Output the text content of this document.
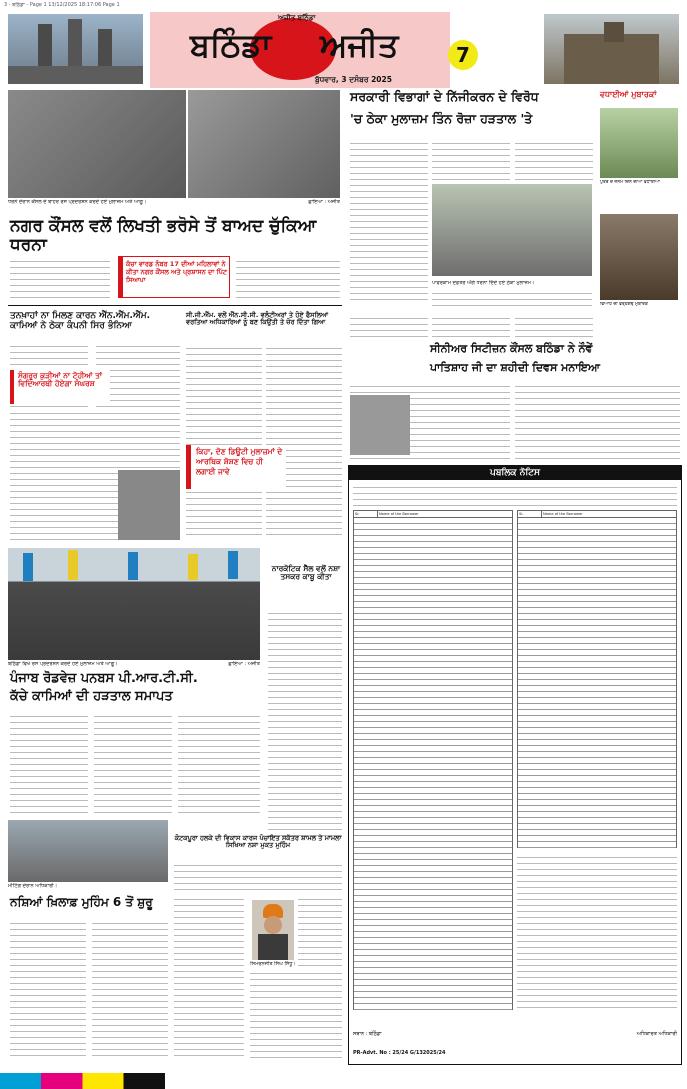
3 - ਬਠਿੰਡਾ - Page 1 13/12/2025 18:17:06 Page 1
ਅਜੀਤ ਬਠਿੰਡਾ
ਬਠਿੰਡਾ	ਅਜੀਤ
ਬੁੱਧਵਾਰ, 3 ਦਸੰਬਰ 2025
7
ਧਰਨੇ ਦੌਰਾਨ ਕੌਂਸਲ ਦੇ ਬਾਹਰ ਰੋਸ ਪ੍ਰਦਰਸ਼ਨ ਕਰਦੇ ਹੋਏ ਮੁਲਾਜ਼ਮ ਅਤੇ ਆਗੂ।	ਛਾਇਆ : ਅਜੀਤ
ਨਗਰ ਕੌਂਸਲ ਵਲੋਂ ਲਿਖਤੀ ਭਰੋਸੇ ਤੋਂ ਬਾਅਦ ਚੁੱਕਿਆ ਧਰਨਾ
ਕੱਚਾ ਵਾਰਡ ਨੰਬਰ 17 ਦੀਆਂ ਮਹਿਲਾਵਾਂ ਨੇ ਕੀਤਾ ਨਗਰ ਕੌਂਸਲ ਅਤੇ ਪ੍ਰਸ਼ਾਸਨ ਦਾ ਪਿੱਟ ਸਿਆਪਾ
ਤਨਖ਼ਾਹਾਂ ਨਾ ਮਿਲਣ ਕਾਰਨ ਐੱਨ.ਐੱਮ.ਐੱਮ. ਕਾਮਿਆਂ ਨੇ ਠੇਕਾ ਕੰਪਨੀ ਸਿਰ ਭੰਨਿਆ
ਸੰਗਰੂਰ ਕੁੜੀਆਂ ਨਾ ਟੋਹੀਆਂ ਤਾਂ ਵਿਦਿਆਰਥੀ ਹੋਏਗਾ ਸੰਘਰਸ਼
ਸੀ.ਜੀ.ਐੱਮ. ਵਲੋਂ ਐੱਨ.ਸੀ.ਸੀ. ਵਲੰਟੀਅਰਾਂ ਤੇ ਹੋਏ ਫੈਸਲਿਆਂ ਵਰਤਿਆ ਅਧਿਕਾਰਿਆਂ ਨੂੰ ਬਣ ਕਿਉਂਤੀ ਤੇ ਜ਼ੋਰ ਦਿੱਤਾ ਗਿਆ
ਕਿਹਾ, ਦੋਣ ਡਿਊਟੀ ਮੁਲਾਜ਼ਮਾਂ ਦੇ ਆਰਥਿਕ ਸ਼ੋਸ਼ਣ ਵਿਚ ਹੀ ਲਗਾਈ ਜਾਵੇ
ਬਠਿੰਡਾ ਵਿਖੇ ਰੋਸ ਪ੍ਰਦਰਸ਼ਨ ਕਰਦੇ ਹੋਏ ਮੁਲਾਜ਼ਮ ਅਤੇ ਆਗੂ।	ਛਾਇਆ : ਅਜੀਤ
ਪੰਜਾਬ ਰੋਡਵੇਜ਼ ਪਨਬਸ ਪੀ.ਆਰ.ਟੀ.ਸੀ.
ਕੱਚੇ ਕਾਮਿਆਂ ਦੀ ਹੜਤਾਲ ਸਮਾਪਤ
ਨਾਰਕੋਟਿਕ ਸੈੱਲ ਵਲੋਂ ਨਸ਼ਾ ਤਸਕਰ ਕਾਬੂ ਕੀਤਾ
ਮੀਟਿੰਗ ਦੌਰਾਨ ਅਧਿਕਾਰੀ।
ਕੋਟਕਪੂਰਾ ਹਲਕੇ ਦੀ ਵਿਕਾਸ ਕਾਰਜ ਪੰਚਾਇਤ ਸਕੱਤਰ ਸ਼ਾਮਲ ਤੇ ਮਾਮਲਾ ਸਿਖਿਆ ਨਸ਼ਾ ਮੁਕਤ ਮੁਹਿੰਮ
ਨਸ਼ਿਆਂ ਖ਼ਿਲਾਫ਼ ਮੁਹਿੰਮ 6 ਤੋਂ ਸ਼ੁਰੂ
ਸਿਮਰਨਜੀਤ ਸਿੰਘ ਸਿੱਧੂ।
ਸਰਕਾਰੀ ਵਿਭਾਗਾਂ ਦੇ ਨਿੱਜੀਕਰਨ ਦੇ ਵਿਰੋਧ
'ਚ ਠੇਕਾ ਮੁਲਾਜ਼ਮ ਤਿੰਨ ਰੋਜ਼ਾ ਹੜਤਾਲ 'ਤੇ
ਪਾਵਰਕਾਮ ਦਫ਼ਤਰ ਅੱਗੇ ਧਰਨਾ ਦਿੰਦੇ ਹੋਏ ਠੇਕਾ ਮੁਲਾਜ਼ਮ।
ਵਧਾਈਆਂ ਮੁਬਾਰਕਾਂ
ਪੁੱਤਰ ਦੇ ਜਨਮ ਦਿਨ ਦੀਆਂ ਵਧਾਈਆਂ
ਵਿਆਹ ਦੀ ਵਰ੍ਹੇਗੰਢ ਮੁਬਾਰਕ
ਸੀਨੀਅਰ ਸਿਟੀਜ਼ਨ ਕੌਂਸਲ ਬਠਿੰਡਾ ਨੇ ਨੌਵੇਂ
ਪਾਤਿਸ਼ਾਹ ਜੀ ਦਾ ਸ਼ਹੀਦੀ ਦਿਵਸ ਮਨਾਇਆ
ਪਬਲਿਕ ਨੋਟਿਸ
Sr.	Name of the Borrower	Sr.	Name of the Borrower
ਸਥਾਨ : ਬਠਿੰਡਾ	ਅਧਿਕਾਰਤ ਅਧਿਕਾਰੀ
PR-Advt. No : 25/24 G/132025/24
